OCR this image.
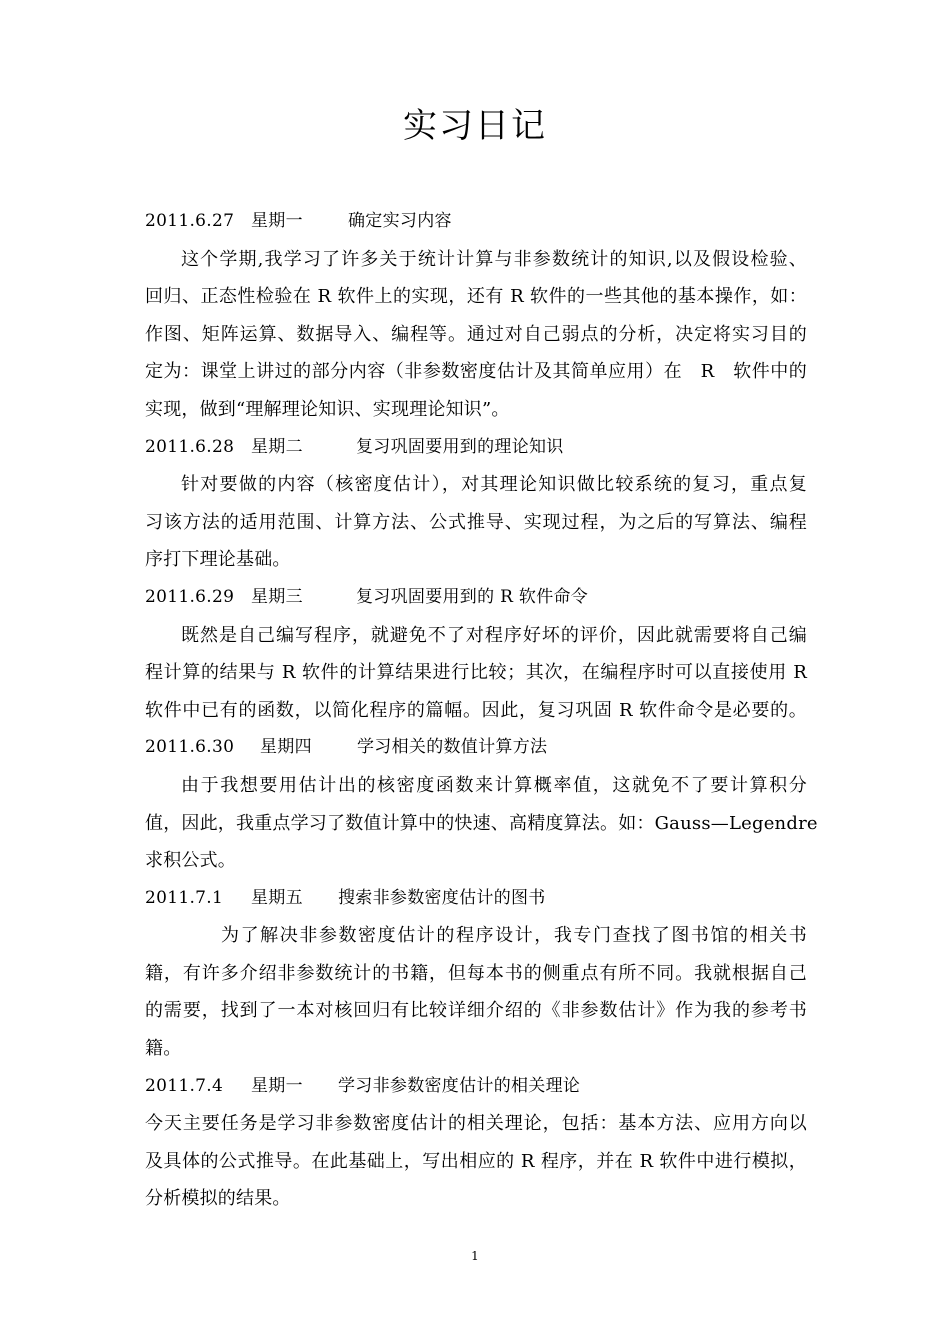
实习日记
2011.6.27 星期一	确定实习内容
这个学期,我学习了许多关于统计计算与非参数统计的知识,以及假设检验、
回归、正态性检验在 R 软件上的实现，还有 R 软件的一些其他的基本操作，如：
作图、矩阵运算、数据导入、编程等。通过对自己弱点的分析，决定将实习目的
定为：课堂上讲过的部分内容（非参数密度估计及其简单应用）在　R　软件中的
实现，做到“理解理论知识、实现理论知识”。
2011.6.28 星期二	复习巩固要用到的理论知识
针对要做的内容（核密度估计），对其理论知识做比较系统的复习，重点复
习该方法的适用范围、计算方法、公式推导、实现过程，为之后的写算法、编程
序打下理论基础。
2011.6.29 星期三	复习巩固要用到的 R 软件命令
既然是自己编写程序，就避免不了对程序好坏的评价，因此就需要将自己编
程计算的结果与 R 软件的计算结果进行比较；其次，在编程序时可以直接使用 R
软件中已有的函数，以简化程序的篇幅。因此，复习巩固 R 软件命令是必要的。
2011.6.30 星期四	学习相关的数值计算方法
由于我想要用估计出的核密度函数来计算概率值，这就免不了要计算积分
值，因此，我重点学习了数值计算中的快速、高精度算法。如：Gauss—Legendre
求积公式。
2011.7.1 星期五 搜索非参数密度估计的图书
为了解决非参数密度估计的程序设计，我专门查找了图书馆的相关书
籍，有许多介绍非参数统计的书籍，但每本书的侧重点有所不同。我就根据自己
的需要，找到了一本对核回归有比较详细介绍的《非参数估计》作为我的参考书
籍。
2011.7.4 星期一 学习非参数密度估计的相关理论
今天主要任务是学习非参数密度估计的相关理论，包括：基本方法、应用方向以
及具体的公式推导。在此基础上，写出相应的 R 程序，并在 R 软件中进行模拟，
分析模拟的结果。
1
